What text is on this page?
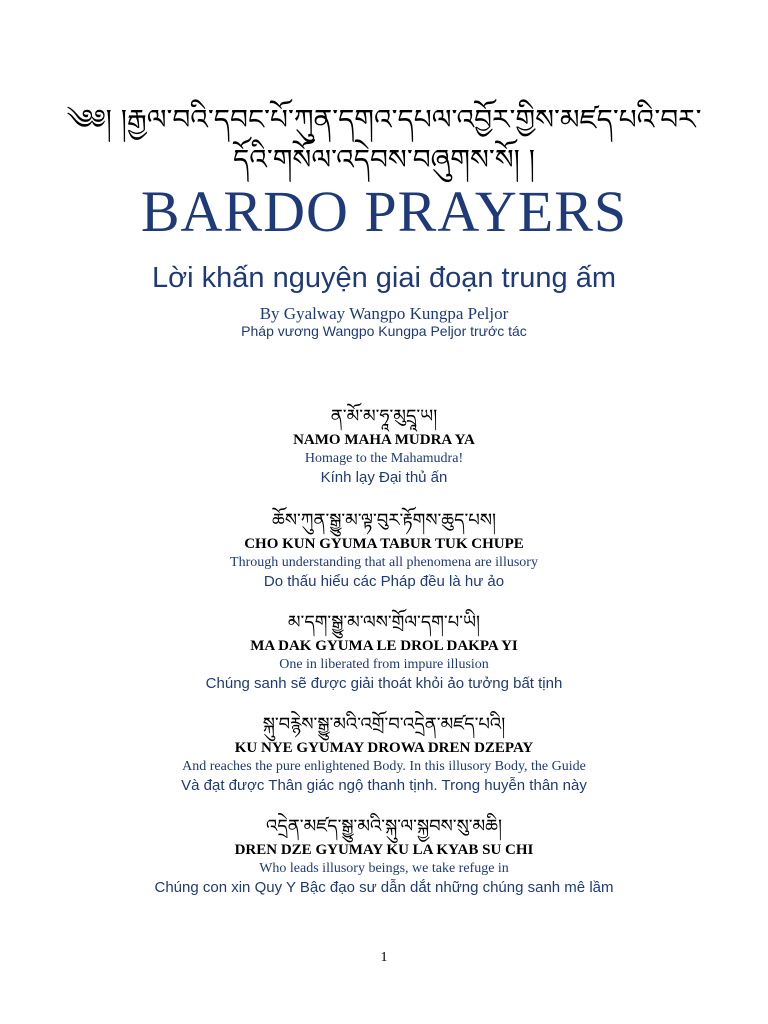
༄༅། །རྒྱལ་བའི་དབང་པོ་ཀུན་དགའ་དཔལ་འབྱོར་གྱིས་མཛད་པའི་བར་
དོའི་གསོལ་འདེབས་བཞུགས་སོ། །
BARDO PRAYERS
Lời khấn nguyện giai đoạn trung ấm
By Gyalway Wangpo Kungpa Peljor
Pháp vương Wangpo Kungpa Peljor trước tác
ན་མོ་མ་ཧཱ་མུདྲཱ་ཡ།
NAMO MAHA MUDRA YA
Homage to the Mahamudra!
Kính lạy Đại thủ ấn
ཆོས་ཀུན་སྒྱུ་མ་ལྟ་བུར་རྟོགས་ཆུད་པས།
CHO KUN GYUMA TABUR TUK CHUPE
Through understanding that all phenomena are illusory
Do thấu hiểu các Pháp đều là hư ảo
མ་དག་སྒྱུ་མ་ལས་གྲོལ་དག་པ་ཡི།
MA DAK GYUMA LE DROL DAKPA YI
One in liberated from impure illusion
Chúng sanh sẽ được giải thoát khỏi ảo tưởng bất tịnh
སྐུ་བརྙེས་སྒྱུ་མའི་འགྲོ་བ་འདྲེན་མཛད་པའི།
KU NYE GYUMAY DROWA DREN DZEPAY
And reaches the pure enlightened Body. In this illusory Body, the Guide
Và đạt được Thân giác ngộ thanh tịnh. Trong huyễn thân này
འདྲེན་མཛད་སྒྱུ་མའི་སྐུ་ལ་སྐྱབས་སུ་མཆི།
DREN DZE GYUMAY KU LA KYAB SU CHI
Who leads illusory beings, we take refuge in
Chúng con xin Quy Y Bậc đạo sư dẫn dắt những chúng sanh mê lầm
1
